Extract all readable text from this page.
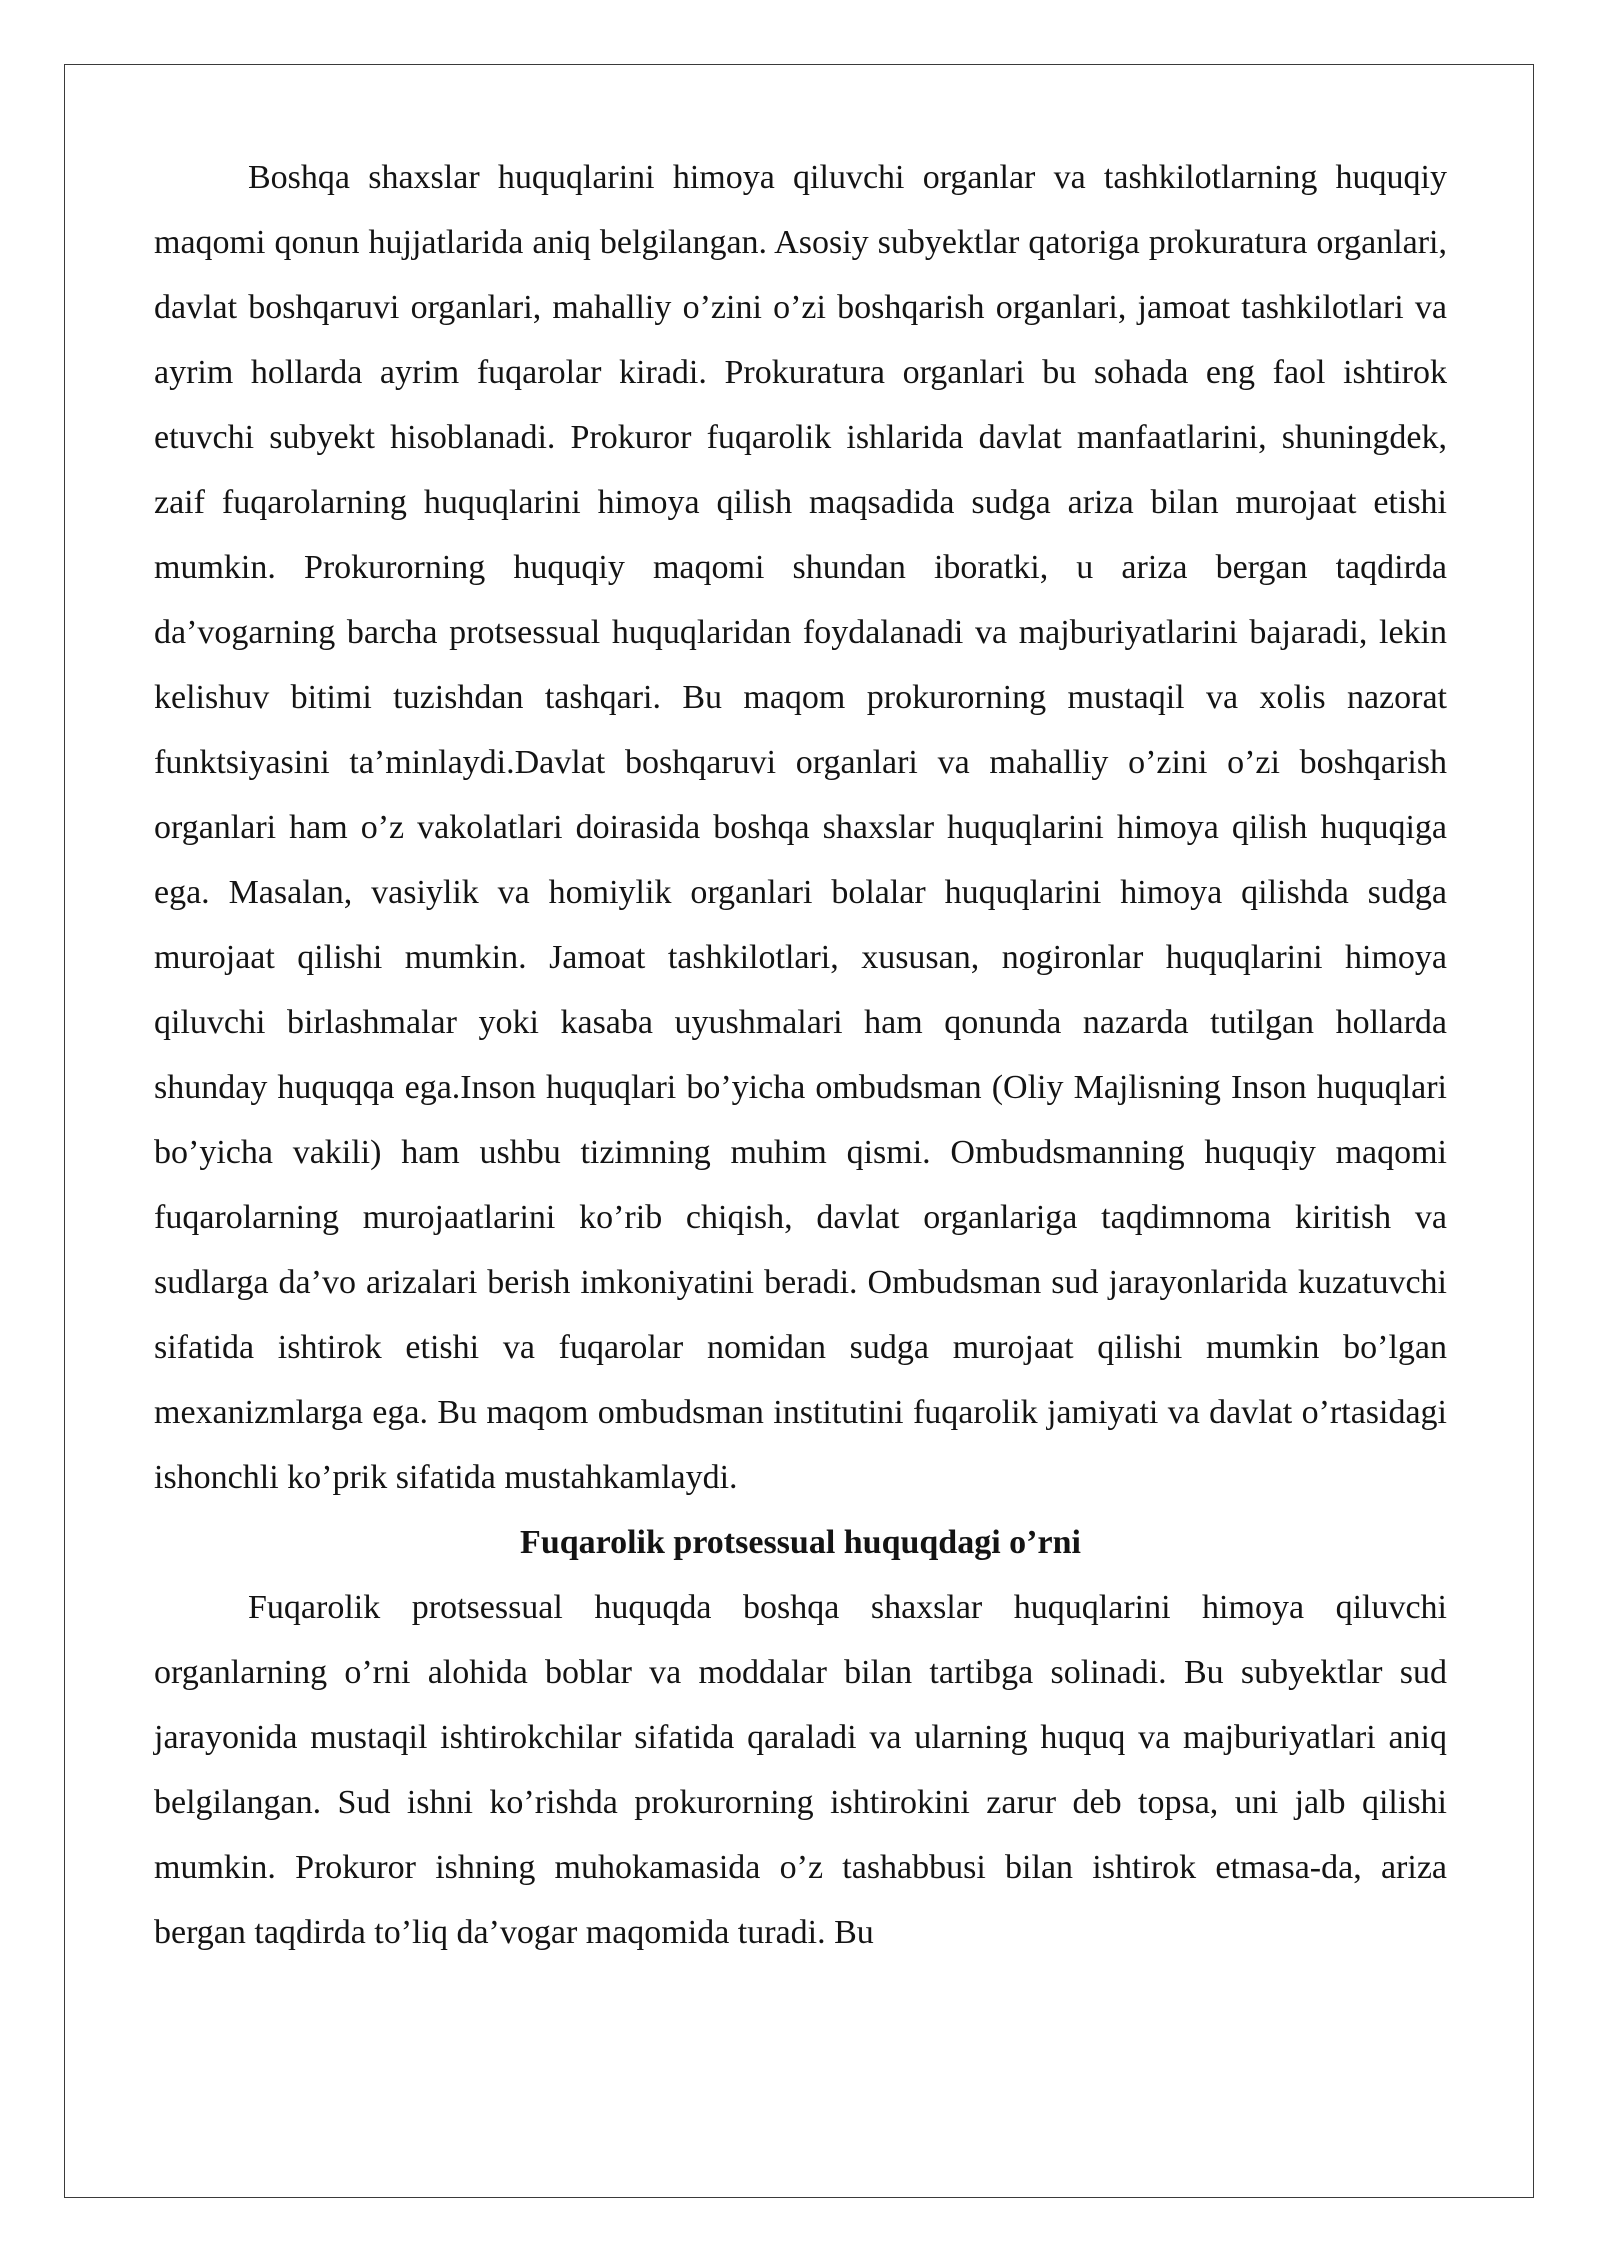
Boshqa shaxslar huquqlarini himoya qiluvchi organlar va tashkilotlarning huquqiy maqomi qonun hujjatlarida aniq belgilangan. Asosiy subyektlar qatoriga prokuratura organlari, davlat boshqaruvi organlari, mahalliy o’zini o’zi boshqarish organlari, jamoat tashkilotlari va ayrim hollarda ayrim fuqarolar kiradi. Prokuratura organlari bu sohada eng faol ishtirok etuvchi subyekt hisoblanadi. Prokuror fuqarolik ishlarida davlat manfaatlarini, shuningdek, zaif fuqarolarning huquqlarini himoya qilish maqsadida sudga ariza bilan murojaat etishi mumkin. Prokurorning huquqiy maqomi shundan iboratki, u ariza bergan taqdirda da’vogarning barcha protsessual huquqlaridan foydalanadi va majburiyatlarini bajaradi, lekin kelishuv bitimi tuzishdan tashqari. Bu maqom prokurorning mustaqil va xolis nazorat funktsiyasini ta’minlaydi.Davlat boshqaruvi organlari va mahalliy o’zini o’zi boshqarish organlari ham o’z vakolatlari doirasida boshqa shaxslar huquqlarini himoya qilish huquqiga ega. Masalan, vasiylik va homiylik organlari bolalar huquqlarini himoya qilishda sudga murojaat qilishi mumkin. Jamoat tashkilotlari, xususan, nogironlar huquqlarini himoya qiluvchi birlashmalar yoki kasaba uyushmalari ham qonunda nazarda tutilgan hollarda shunday huquqqa ega.Inson huquqlari bo’yicha ombudsman (Oliy Majlisning Inson huquqlari bo’yicha vakili) ham ushbu tizimning muhim qismi. Ombudsmanning huquqiy maqomi fuqarolarning murojaatlarini ko’rib chiqish, davlat organlariga taqdimnoma kiritish va sudlarga da’vo arizalari berish imkoniyatini beradi. Ombudsman sud jarayonlarida kuzatuvchi sifatida ishtirok etishi va fuqarolar nomidan sudga murojaat qilishi mumkin bo’lgan mexanizmlarga ega. Bu maqom ombudsman institutini fuqarolik jamiyati va davlat o’rtasidagi ishonchli ko’prik sifatida mustahkamlaydi.

Fuqarolik protsessual huquqdagi o’rni

Fuqarolik protsessual huquqda boshqa shaxslar huquqlarini himoya qiluvchi organlarning o’rni alohida boblar va moddalar bilan tartibga solinadi. Bu subyektlar sud jarayonida mustaqil ishtirokchilar sifatida qaraladi va ularning huquq va majburiyatlari aniq belgilangan. Sud ishni ko’rishda prokurorning ishtirokini zarur deb topsa, uni jalb qilishi mumkin. Prokuror ishning muhokamasida o’z tashabbusi bilan ishtirok etmasa-da, ariza bergan taqdirda to’liq da’vogar maqomida turadi. Bu
